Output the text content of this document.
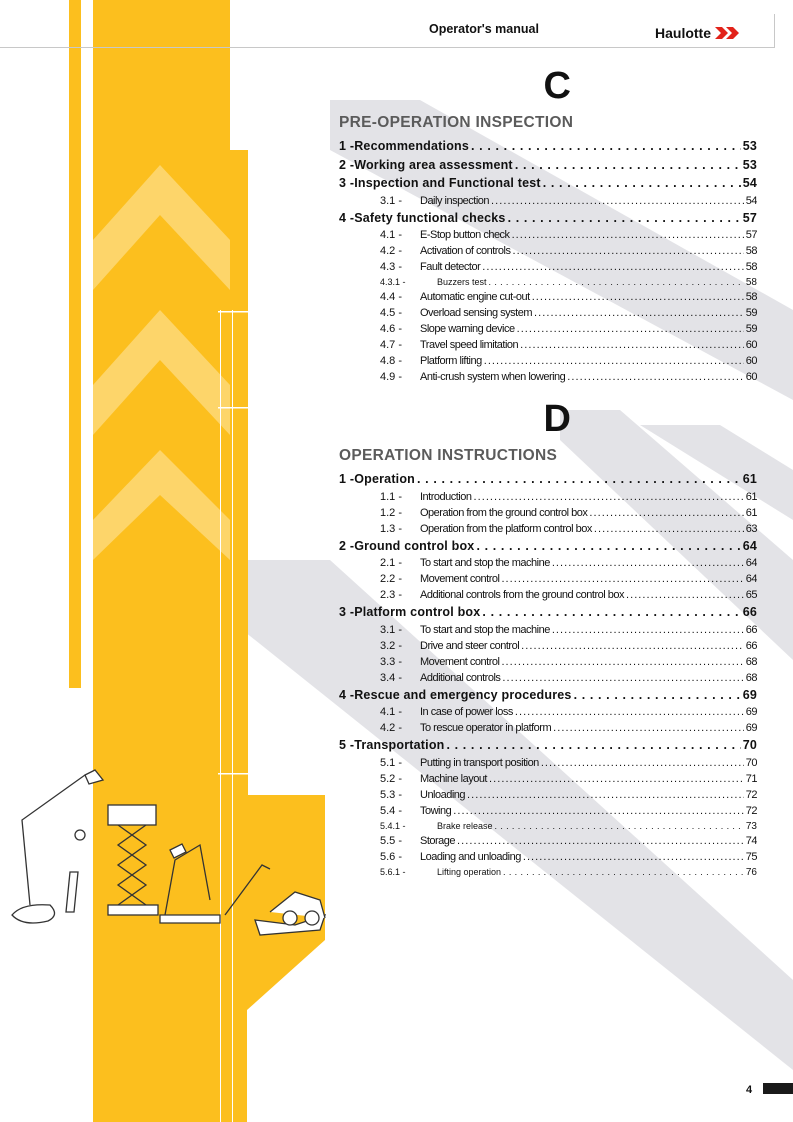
Operator's manual	Haulotte
C
PRE-OPERATION INSPECTION
1 - Recommendations . . .	53
2 - Working area assessment . . .	53
3 - Inspection and Functional test . . .	54
3.1 -	Daily inspection . . .	54
4 - Safety functional checks . . .	57
4.1 -	E-Stop button check . . .	57
4.2 -	Activation of controls . . .	58
4.3 -	Fault detector . . .	58
4.3.1 -	Buzzers test . . .	58
4.4 -	Automatic engine cut-out . . .	58
4.5 -	Overload sensing system . . .	59
4.6 -	Slope warning device . . .	59
4.7 -	Travel speed limitation . . .	60
4.8 -	Platform lifting . . .	60
4.9 -	Anti-crush system when lowering . . .	60
D
OPERATION INSTRUCTIONS
1 - Operation . . .	61
1.1 -	Introduction . . .	61
1.2 -	Operation from the ground control box . . .	61
1.3 -	Operation from the platform control box . . .	63
2 - Ground control box . . .	64
2.1 -	To start and stop the machine . . .	64
2.2 -	Movement control . . .	64
2.3 -	Additional controls from the ground control box . . .	65
3 - Platform control box . . .	66
3.1 -	To start and stop the machine . . .	66
3.2 -	Drive and steer control . . .	66
3.3 -	Movement control . . .	68
3.4 -	Additional controls . . .	68
4 - Rescue and emergency procedures . . .	69
4.1 -	In case of power loss . . .	69
4.2 -	To rescue operator in platform . . .	69
5 - Transportation . . .	70
5.1 -	Putting in transport position . . .	70
5.2 -	Machine layout . . .	71
5.3 -	Unloading . . .	72
5.4 -	Towing . . .	72
5.4.1 -	Brake release . . .	73
5.5 -	Storage . . .	74
5.6 -	Loading and unloading . . .	75
5.6.1 -	Lifting operation . . .	76
4
